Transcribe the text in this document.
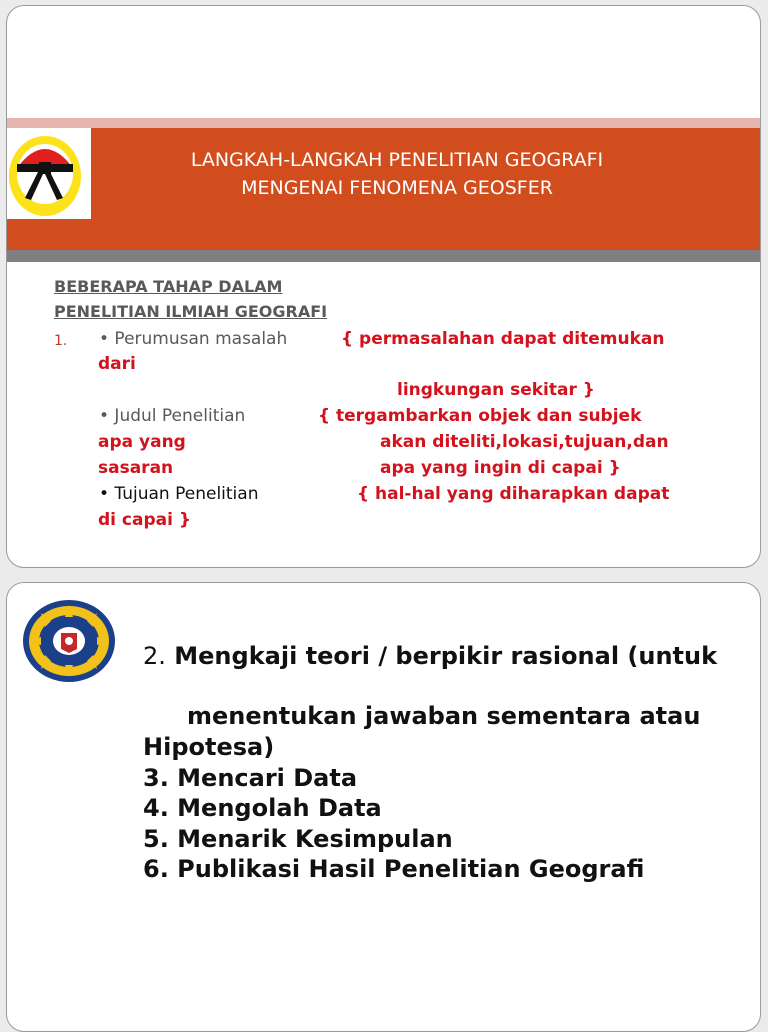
LANGKAH-LANGKAH PENELITIAN GEOGRAFI
MENGENAI FENOMENA GEOSFER
BEBERAPA TAHAP DALAM
PENELITIAN ILMIAH GEOGRAFI
1. • Perumusan masalah	{ permasalahan dapat ditemukan
dari
lingkungan sekitar }
• Judul Penelitian	{ tergambarkan objek dan subjek
apa yang	akan diteliti,lokasi,tujuan,dan
sasaran	apa yang ingin di capai }
• Tujuan Penelitian	{ hal-hal yang diharapkan dapat
di capai }
2. Mengkaji teori / berpikir rasional (untuk
menentukan jawaban sementara atau
Hipotesa)
3. Mencari Data
4. Mengolah Data
5. Menarik Kesimpulan
6. Publikasi Hasil Penelitian Geografi
